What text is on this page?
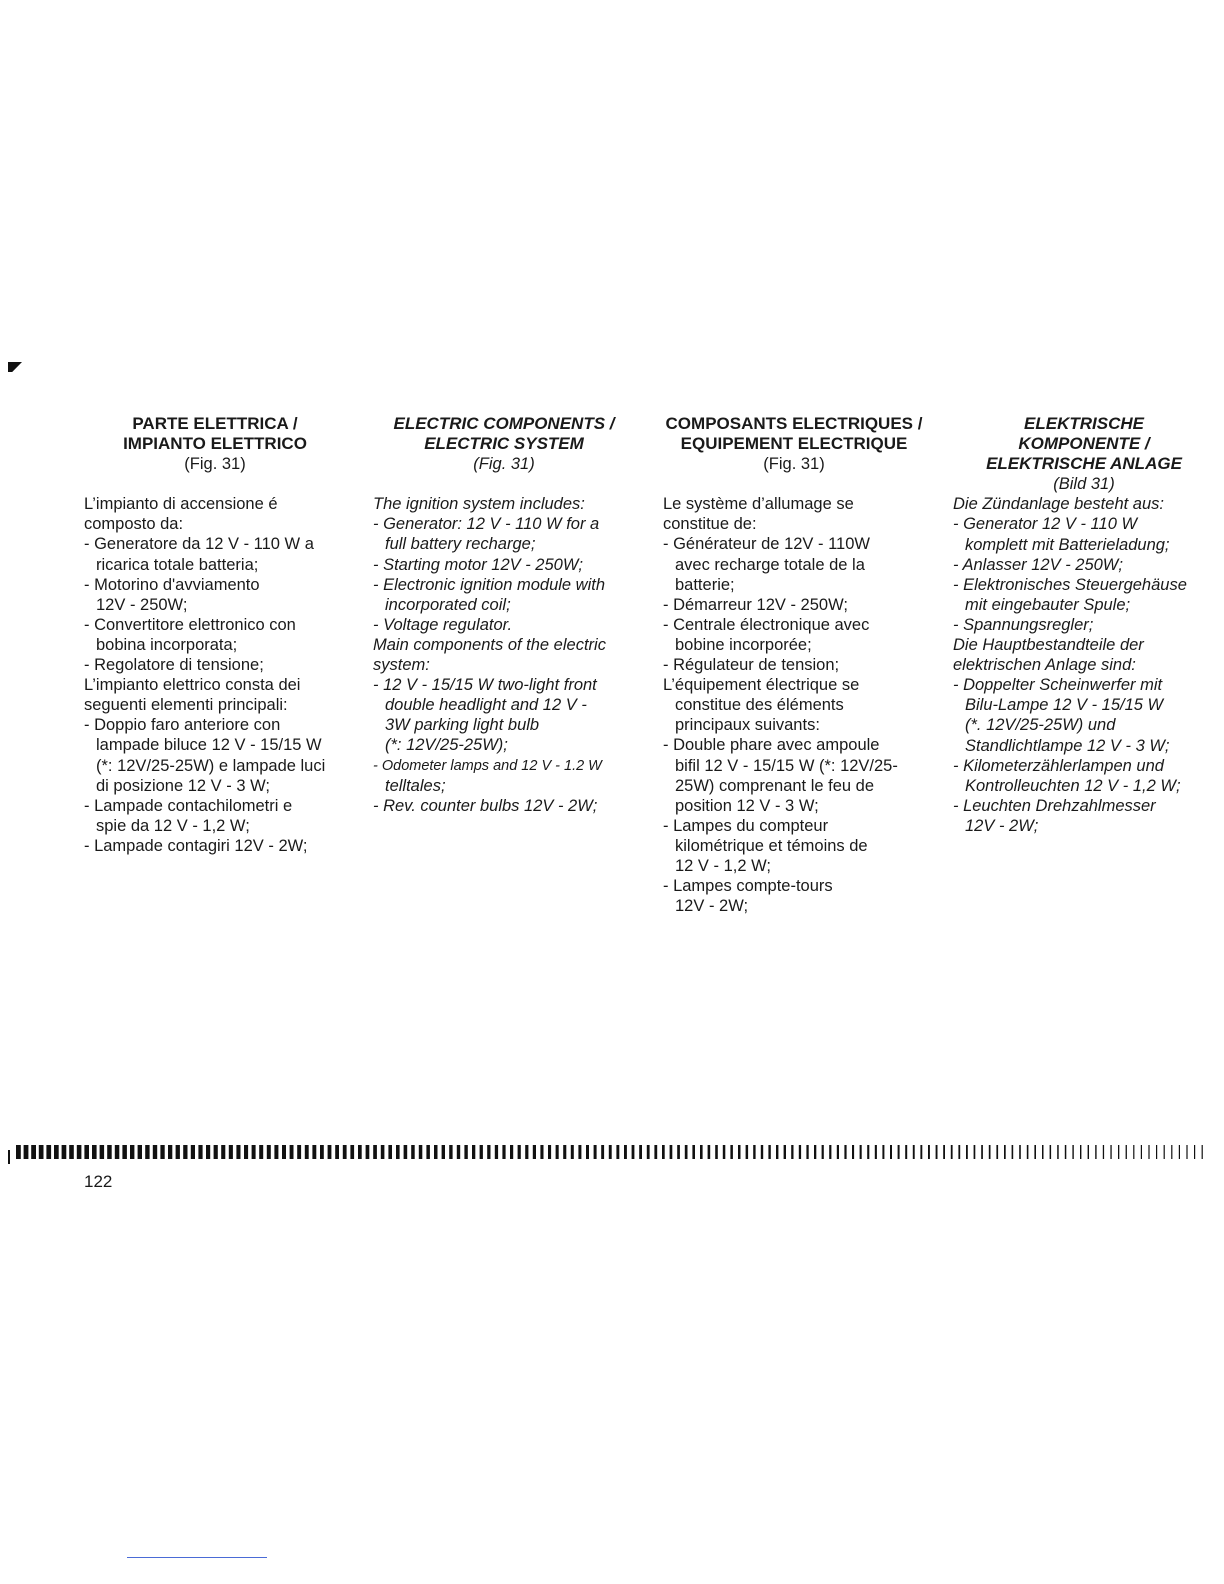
PARTE ELETTRICA /
IMPIANTO ELETTRICO
(Fig. 31)
L’impianto di accensione é
composto da:
- Generatore da 12 V - 110 W a
ricarica totale batteria;
- Motorino d'avviamento
12V - 250W;
- Convertitore elettronico con
bobina incorporata;
- Regolatore di tensione;
L’impianto elettrico consta dei
seguenti elementi principali:
- Doppio faro anteriore con
lampade biluce 12 V - 15/15 W
(*: 12V/25-25W) e lampade luci
di posizione 12 V - 3 W;
- Lampade contachilometri e
spie da 12 V - 1,2 W;
- Lampade contagiri 12V - 2W;
ELECTRIC COMPONENTS /
ELECTRIC SYSTEM
(Fig. 31)
The ignition system includes:
- Generator: 12 V - 110 W for a
full battery recharge;
- Starting motor 12V - 250W;
- Electronic ignition module with
incorporated coil;
- Voltage regulator.
Main components of the electric
system:
- 12 V - 15/15 W two-light front
double headlight and 12 V -
3W parking light bulb
(*: 12V/25-25W);
- Odometer lamps and 12 V - 1.2 W
telltales;
- Rev. counter bulbs 12V - 2W;
COMPOSANTS ELECTRIQUES /
EQUIPEMENT ELECTRIQUE
(Fig. 31)
Le système d’allumage se
constitue de:
- Générateur de 12V - 110W
avec recharge totale de la
batterie;
- Démarreur 12V - 250W;
- Centrale électronique avec
bobine incorporée;
- Régulateur de tension;
L’équipement électrique se
constitue des éléments
principaux suivants:
- Double phare avec ampoule
bifil 12 V - 15/15 W (*: 12V/25-
25W) comprenant le feu de
position 12 V - 3 W;
- Lampes du compteur
kilométrique et témoins de
12 V - 1,2 W;
- Lampes compte-tours
12V - 2W;
ELEKTRISCHE
KOMPONENTE /
ELEKTRISCHE ANLAGE
(Bild 31)
Die Zündanlage besteht aus:
- Generator 12 V - 110 W
komplett mit Batterieladung;
- Anlasser 12V - 250W;
- Elektronisches Steuergehäuse
mit eingebauter Spule;
- Spannungsregler;
Die Hauptbestandteile der
elektrischen Anlage sind:
- Doppelter Scheinwerfer mit
Bilu-Lampe 12 V - 15/15 W
(*. 12V/25-25W) und
Standlichtlampe 12 V - 3 W;
- Kilometerzählerlampen und
Kontrolleuchten 12 V - 1,2 W;
- Leuchten Drehzahlmesser
12V - 2W;
122
